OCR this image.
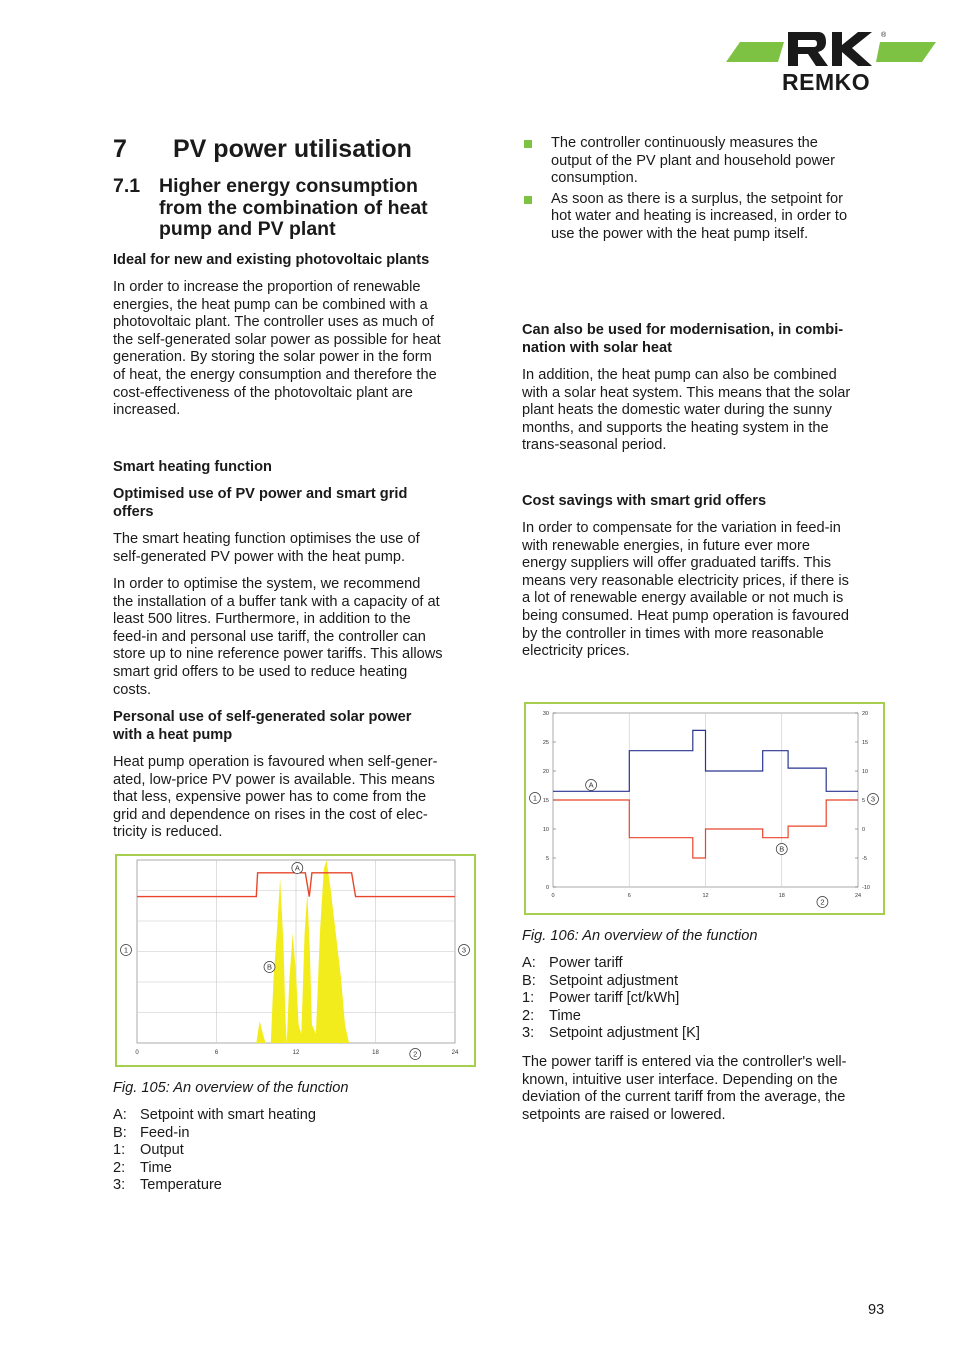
®
REMKO
7 PV power utilisation
7.1 Higher energy consumption
from the combination of heat
pump and PV plant

Ideal for new and existing photovoltaic plants

In order to increase the proportion of renewable
energies, the heat pump can be combined with a
photovoltaic plant. The controller uses as much of
the self-generated solar power as possible for heat
generation. By storing the solar power in the form
of heat, the energy consumption and therefore the
cost-effectiveness of the photovoltaic plant are
increased.

Smart heating function

Optimised use of PV power and smart grid
offers
The smart heating function optimises the use of
self-generated PV power with the heat pump.
In order to optimise the system, we recommend
the installation of a buffer tank with a capacity of at
least 500 litres. Furthermore, in addition to the
feed-in and personal use tariff, the controller can
store up to nine reference power tariffs. This allows
smart grid offers to be used to reduce heating
costs.
Personal use of self-generated solar power
with a heat pump
Heat pump operation is favoured when self-gener-
ated, low-price PV power is available. This means
that less, expensive power has to come from the
grid and dependence on rises in the cost of elec-
tricity is reduced.
0	6	12	18	24
A
B
1
2
3

Fig. 105: An overview of the function

A: Setpoint with smart heating
B: Feed-in
1:	Output
2:	Time
3:	Temperature
The controller continuously measures the
output of the PV plant and household power
consumption.
As soon as there is a surplus, the setpoint for
hot water and heating is increased, in order to
use the power with the heat pump itself.
Can also be used for modernisation, in combi-
nation with solar heat
In addition, the heat pump can also be combined
with a solar heat system. This means that the solar
plant heats the domestic water during the sunny
months, and supports the heating system in the
trans-seasonal period.

Cost savings with smart grid offers

In order to compensate for the variation in feed-in
with renewable energies, in future ever more
energy suppliers will offer graduated tariffs. This
means very reasonable electricity prices, if there is
a lot of renewable energy available or not much is
being consumed. Heat pump operation is favoured
by the controller in times with more reasonable
electricity prices.
0	6	12	18	24
0
5
10
15
20
25
30
-10
-5
0
5
10
15
20
A
B
1
2
3

Fig. 106: An overview of the function

A: Power tariff
B: Setpoint adjustment
1:	Power tariff [ct/kWh]
2:	Time
3:	Setpoint adjustment [K]
The power tariff is entered via the controller's well-
known, intuitive user interface. Depending on the
deviation of the current tariff from the average, the
setpoints are raised or lowered.

93
